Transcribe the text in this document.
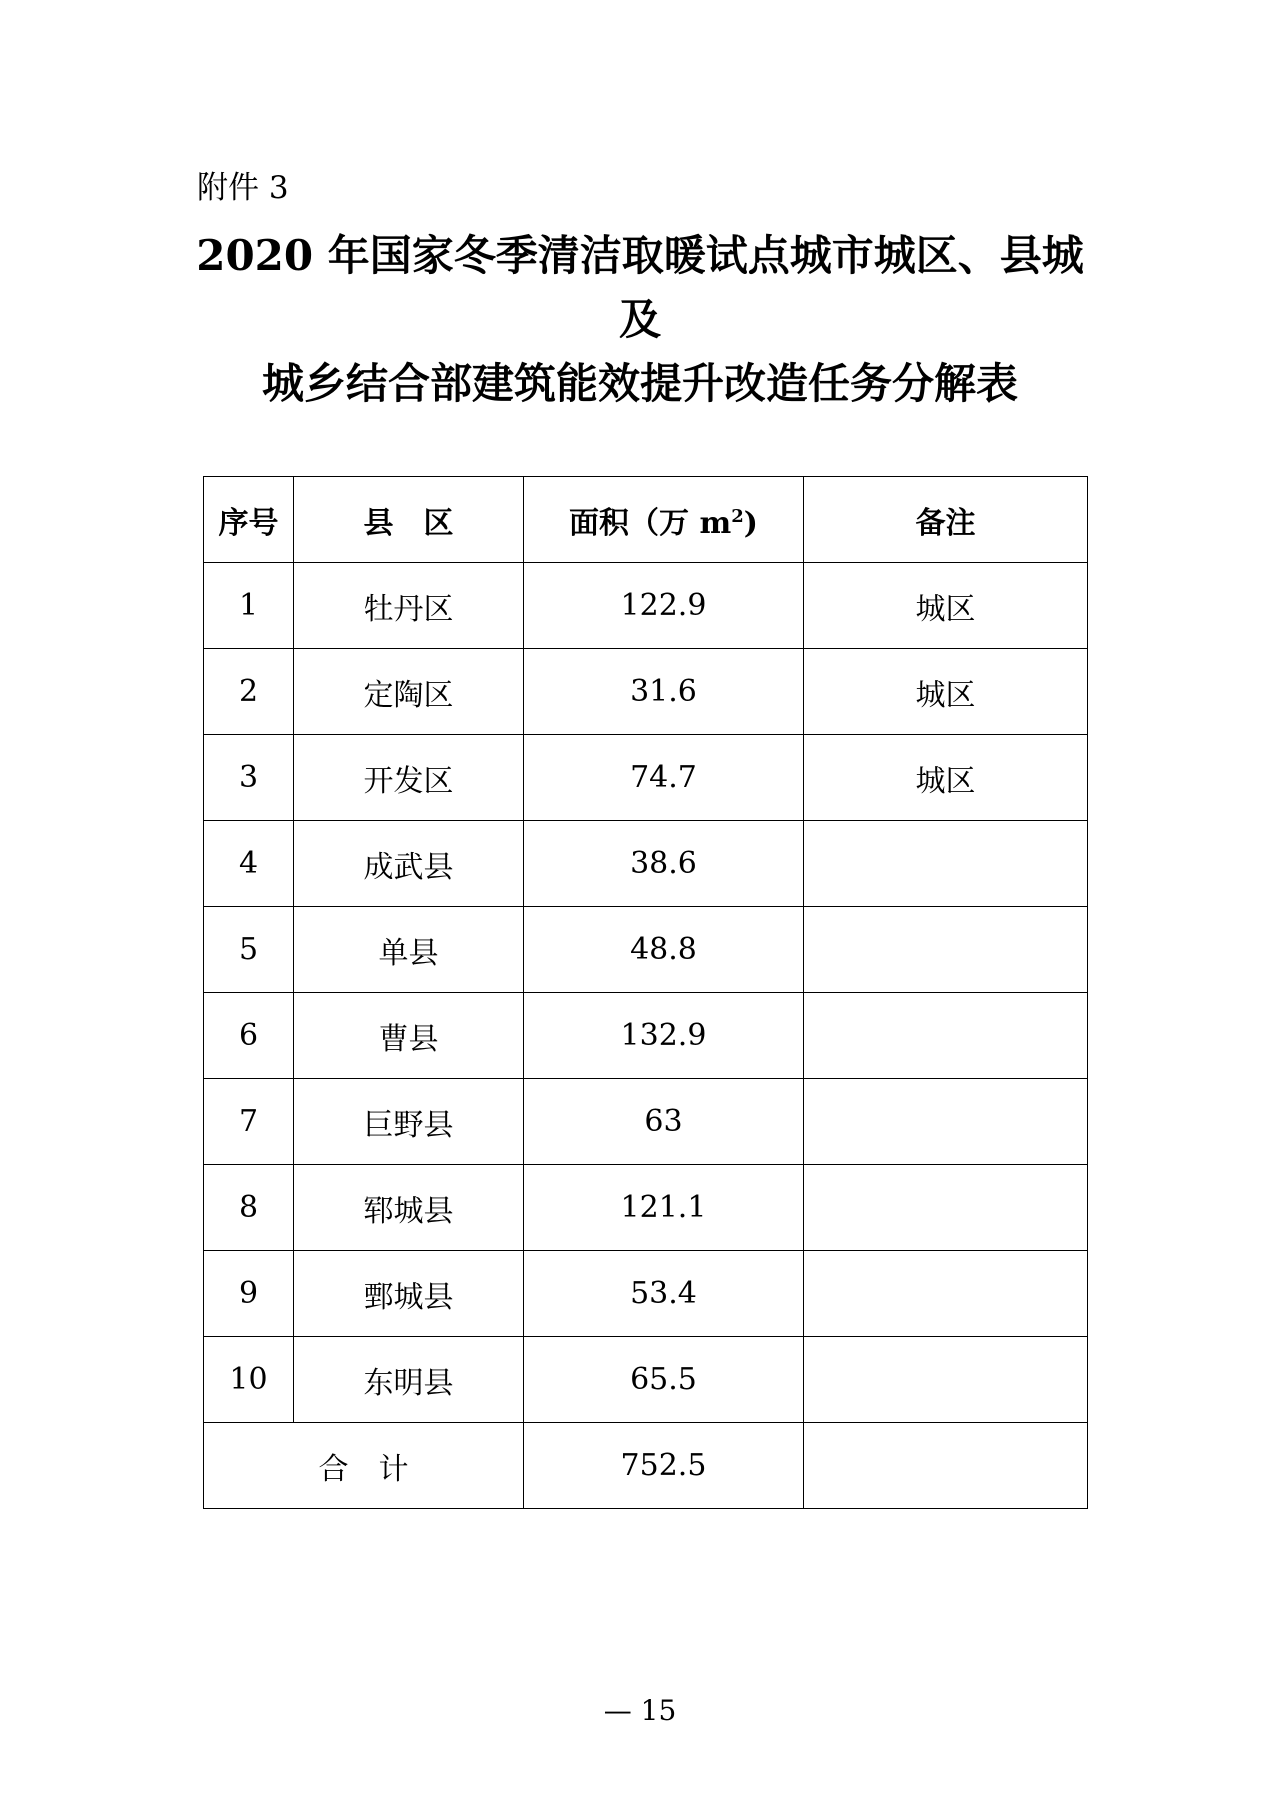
附件 3
2020 年国家冬季清洁取暖试点城市城区、县城
及
城乡结合部建筑能效提升改造任务分解表
序号	县　区	面积（万 $m^2$)	备注
1	牡丹区	122.9	城区
2	定陶区	31.6	城区
3	开发区	74.7	城区
4	成武县	38.6	
5	单县	48.8	
6	曹县	132.9	
7	巨野县	63	
8	郓城县	121.1	
9	鄄城县	53.4	
10	东明县	65.5	
合计		752.5	
— 15
